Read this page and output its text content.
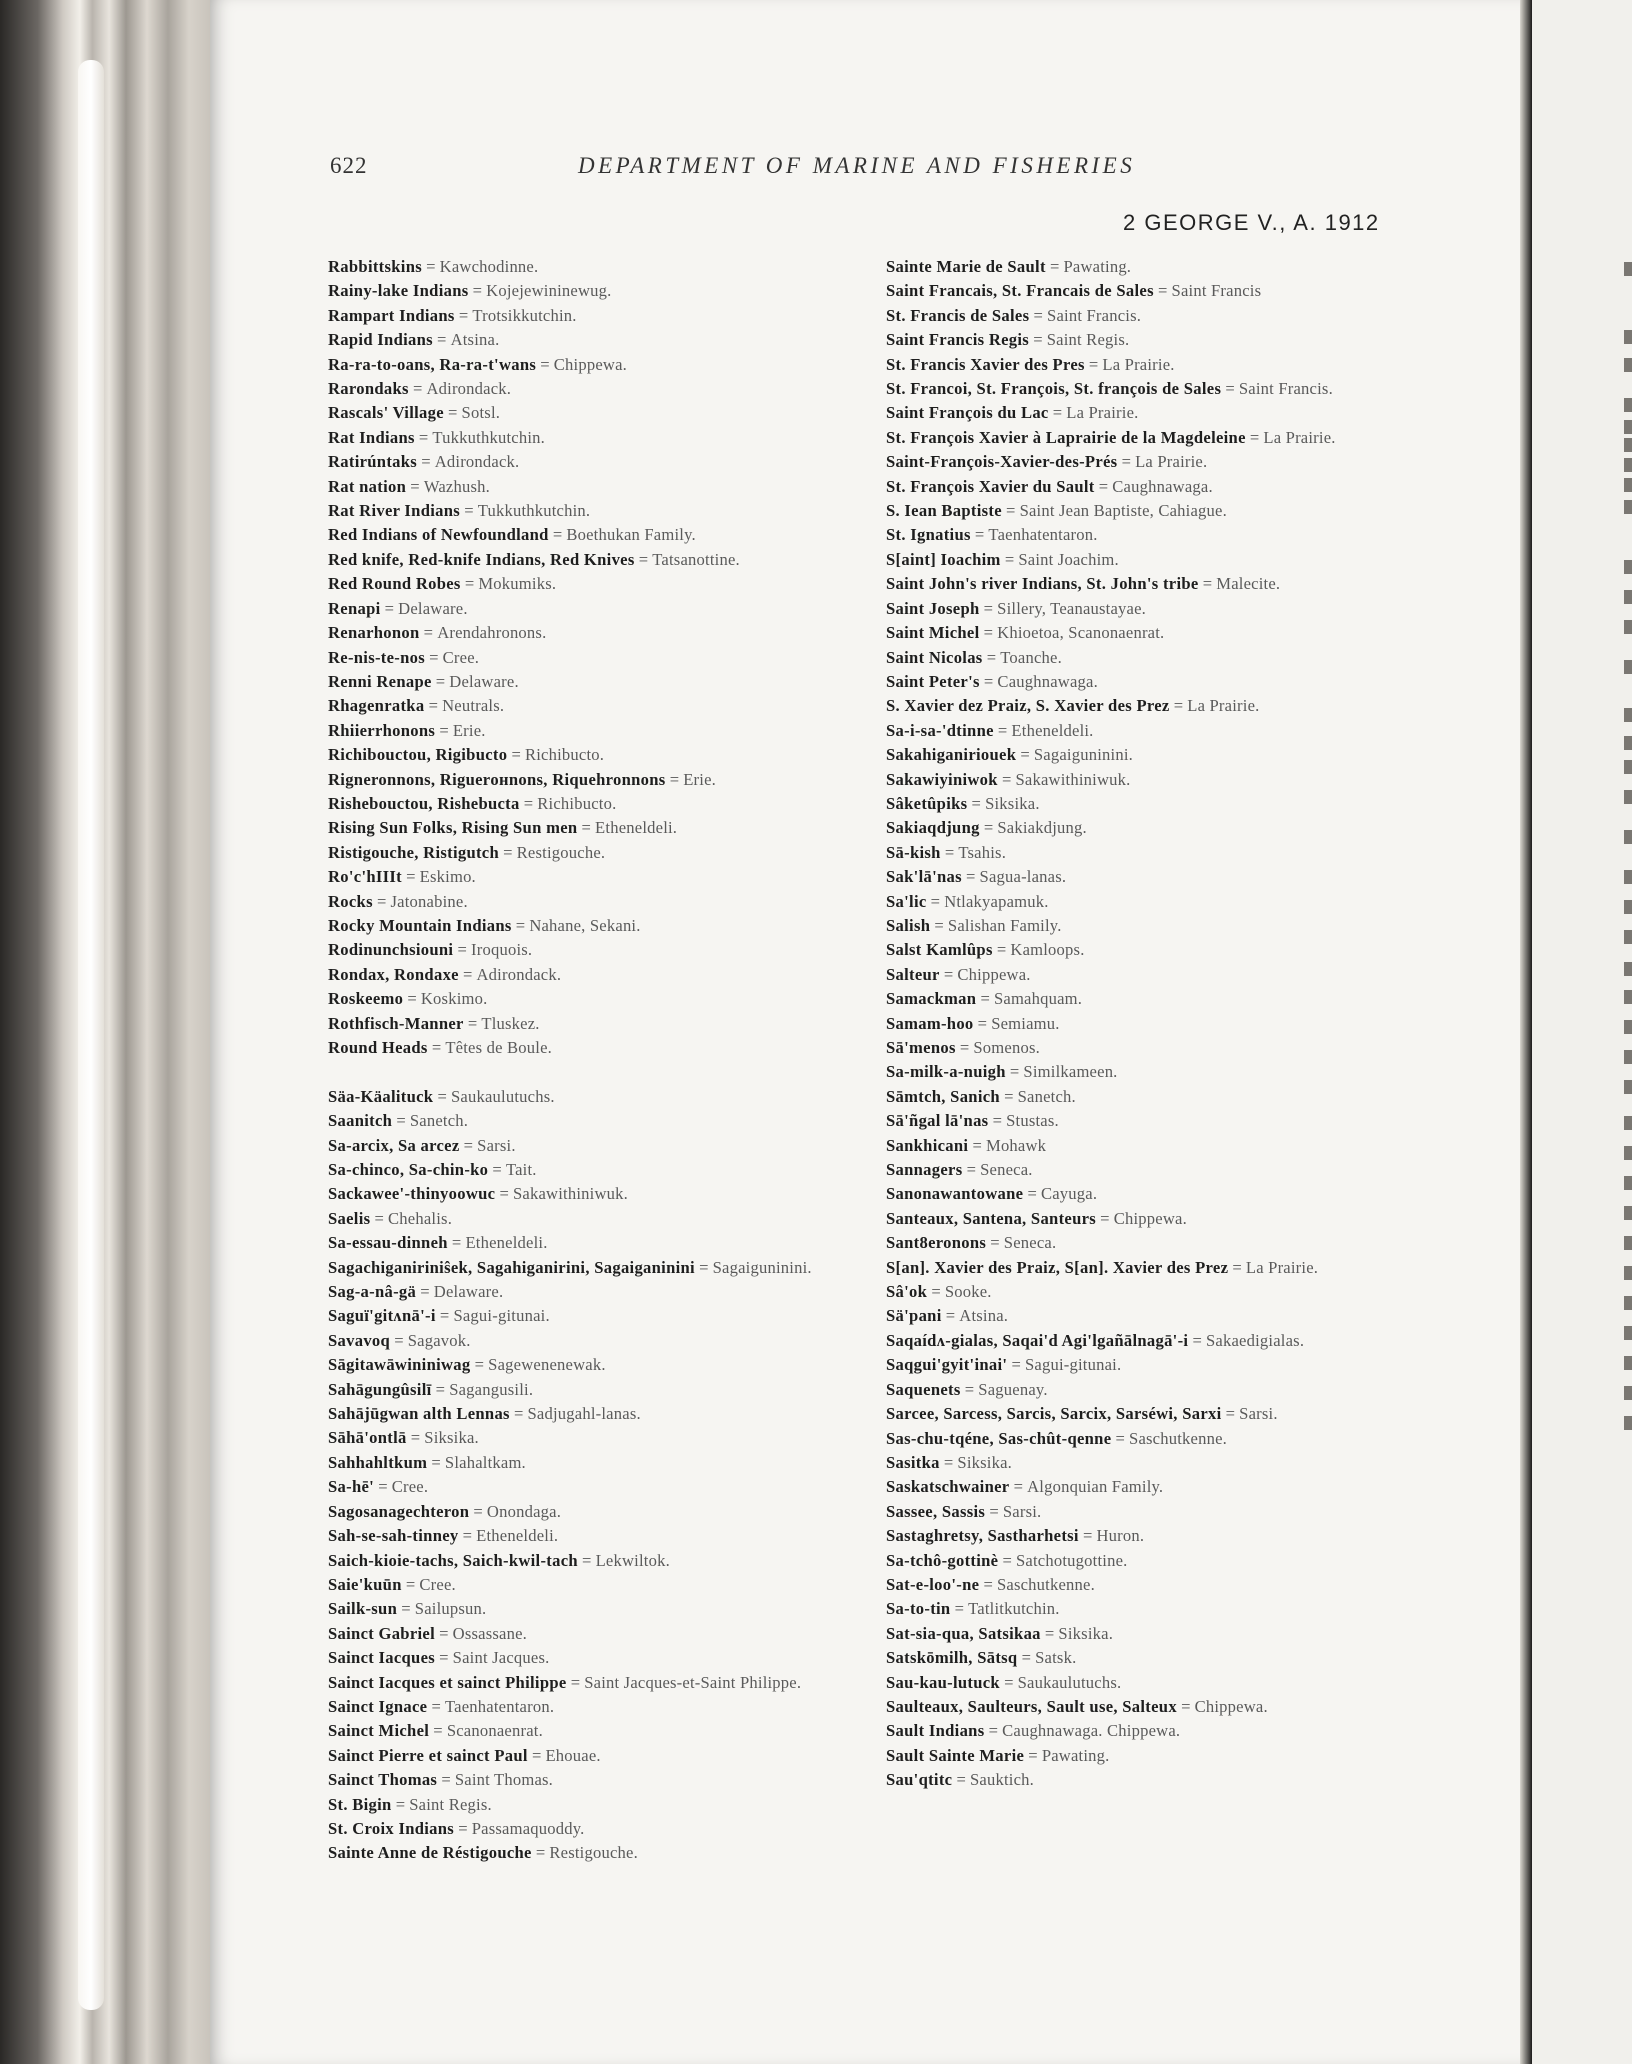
622	DEPARTMENT OF MARINE AND FISHERIES
2 GEORGE V., A. 1912
Rabbittskins = Kawchodinne.
Rainy-lake Indians = Kojejewininewug.
Rampart Indians = Trotsikkutchin.
Rapid Indians = Atsina.
Ra-ra-to-oans, Ra-ra-t'wans = Chippewa.
Rarondaks = Adirondack.
Rascals' Village = Sotsl.
Rat Indians = Tukkuthkutchin.
Ratirúntaks = Adirondack.
Rat nation = Wazhush.
Rat River Indians = Tukkuthkutchin.
Red Indians of Newfoundland = Boethukan Family.
Red knife, Red-knife Indians, Red Knives = Tatsanottine.
Red Round Robes = Mokumiks.
Renapi = Delaware.
Renarhonon = Arendahronons.
Re-nis-te-nos = Cree.
Renni Renape = Delaware.
Rhagenratka = Neutrals.
Rhiierrhonons = Erie.
Richibouctou, Rigibucto = Richibucto.
Rigneronnons, Riguerонnons, Riquehronnons = Erie.
Rishebouctou, Rishebucta = Richibucto.
Rising Sun Folks, Rising Sun men = Etheneldeli.
Ristigouche, Ristigutch = Restigouche.
Ro'c'hIIIt = Eskimo.
Rocks = Jatonabine.
Rocky Mountain Indians = Nahane, Sekani.
Rodinunchsiouni = Iroquois.
Rondax, Rondaxe = Adirondack.
Roskeemo = Koskimo.
Rothfisch-Manner = Tluskez.
Round Heads = Têtes de Boule.
Säa-Käalituck = Saukaulutuchs.
Saanitch = Sanetch.
Sa-arcix, Sa arcez = Sarsi.
Sa-chinco, Sa-chin-ko = Tait.
Sackawee'-thinyoowuc = Sakawithiniwuk.
Saelis = Chehalis.
Sa-essau-dinneh = Etheneldeli.
Sagachiganiriniŝek, Sagahiganirini, Sagaiganinini = Sagaiguninini.
Sag-a-nâ-gä = Delaware.
Saguï'gitʌnā'-i = Sagui-gitunai.
Savavoq = Sagavok.
Sāgitawāwininiwag = Sagewenenewak.
Sahāgungûsilī = Sagangusili.
Sahājūgwan alth Lennas = Sadjugahl-lanas.
Sāhā'ontlā = Siksika.
Sahhahltkum = Slahaltkam.
Sa-hē' = Cree.
Sagosanagechteron = Onondaga.
Sah-se-sah-tinney = Etheneldeli.
Saich-kioie-tachs, Saich-kwil-tach = Lekwiltok.
Saie'kuūn = Cree.
Sailk-sun = Sailupsun.
Sainct Gabriel = Ossassane.
Sainct Iacques = Saint Jacques.
Sainct Iacques et sainct Philippe = Saint Jacques-et-Saint Philippe.
Sainct Ignace = Taenhatentaron.
Sainct Michel = Scanonaenrat.
Sainct Pierre et sainct Paul = Ehouae.
Sainct Thomas = Saint Thomas.
St. Bigin = Saint Regis.
St. Croix Indians = Passamaquoddy.
Sainte Anne de Réstigouche = Restigouche.
Sainte Marie de Sault = Pawating.
Saint Francais, St. Francais de Sales = Saint Francis
St. Francis de Sales = Saint Francis.
Saint Francis Regis = Saint Regis.
St. Francis Xavier des Pres = La Prairie.
St. Francoi, St. François, St. françois de Sales = Saint Francis.
Saint François du Lac = La Prairie.
St. François Xavier à Laprairie de la Magdeleine = La Prairie.
Saint-François-Xavier-des-Prés = La Prairie.
St. François Xavier du Sault = Caughnawaga.
S. Iean Baptiste = Saint Jean Baptiste, Cahiague.
St. Ignatius = Taenhatentaron.
S[aint] Ioachim = Saint Joachim.
Saint John's river Indians, St. John's tribe = Malecite.
Saint Joseph = Sillery, Teanaustayae.
Saint Michel = Khioetoa, Scanonaenrat.
Saint Nicolas = Toanche.
Saint Peter's = Caughnawaga.
S. Xavier dez Praiz, S. Xavier des Prez = La Prairie.
Sa-i-sa-'dtinne = Etheneldeli.
Sakahiganiriouek = Sagaiguninini.
Sakawiyiniwok = Sakawithiniwuk.
Sâketûpiks = Siksika.
Sakiaqdjung = Sakiakdjung.
Sā-kish = Tsahis.
Sak'lā'nas = Sagua-lanas.
Sa'lic = Ntlakyapamuk.
Salish = Salishan Family.
Salst Kamlûps = Kamloops.
Salteur = Chippewa.
Samackman = Samahquam.
Samam-hoo = Semiamu.
Sā'menos = Somenos.
Sa-milk-a-nuigh = Similkameen.
Sāmtch, Sanich = Sanetch.
Sā'ñgal lā'nas = Stustas.
Sankhicani = Mohawk
Sannagers = Seneca.
Sanonawantowane = Cayuga.
Santeaux, Santena, Santeurs = Chippewa.
Sant8eronons = Seneca.
S[an]. Xavier des Praiz, S[an]. Xavier des Prez = La Prairie.
Sâ'ok = Sooke.
Sä'pani = Atsina.
Saqaídʌ-gialas, Saqai'd Agi'lgañālnagā'-i = Sakaedigialas.
Saqgui'gyit'inai' = Sagui-gitunai.
Saquenets = Saguenay.
Sarcee, Sarcess, Sarcis, Sarcix, Sarséwi, Sarxi = Sarsi.
Sas-chu-tqéne, Sas-chût-qenne = Saschutkenne.
Sasitka = Siksika.
Saskatschwainer = Algonquian Family.
Sassee, Sassis = Sarsi.
Sastaghretsy, Sastharhetsi = Huron.
Sa-tchô-gottinè = Satchotugottine.
Sat-e-loo'-ne = Saschutkenne.
Sa-to-tin = Tatlitkutchin.
Sat-sia-qua, Satsikaa = Siksika.
Satskōmilh, Sātsq = Satsk.
Sau-kau-lutuck = Saukaulutuchs.
Saulteaux, Saulteurs, Sault use, Salteux = Chippewa.
Sault Indians = Caughnawaga. Chippewa.
Sault Sainte Marie = Pawating.
Sau'qtitc = Sauktich.
